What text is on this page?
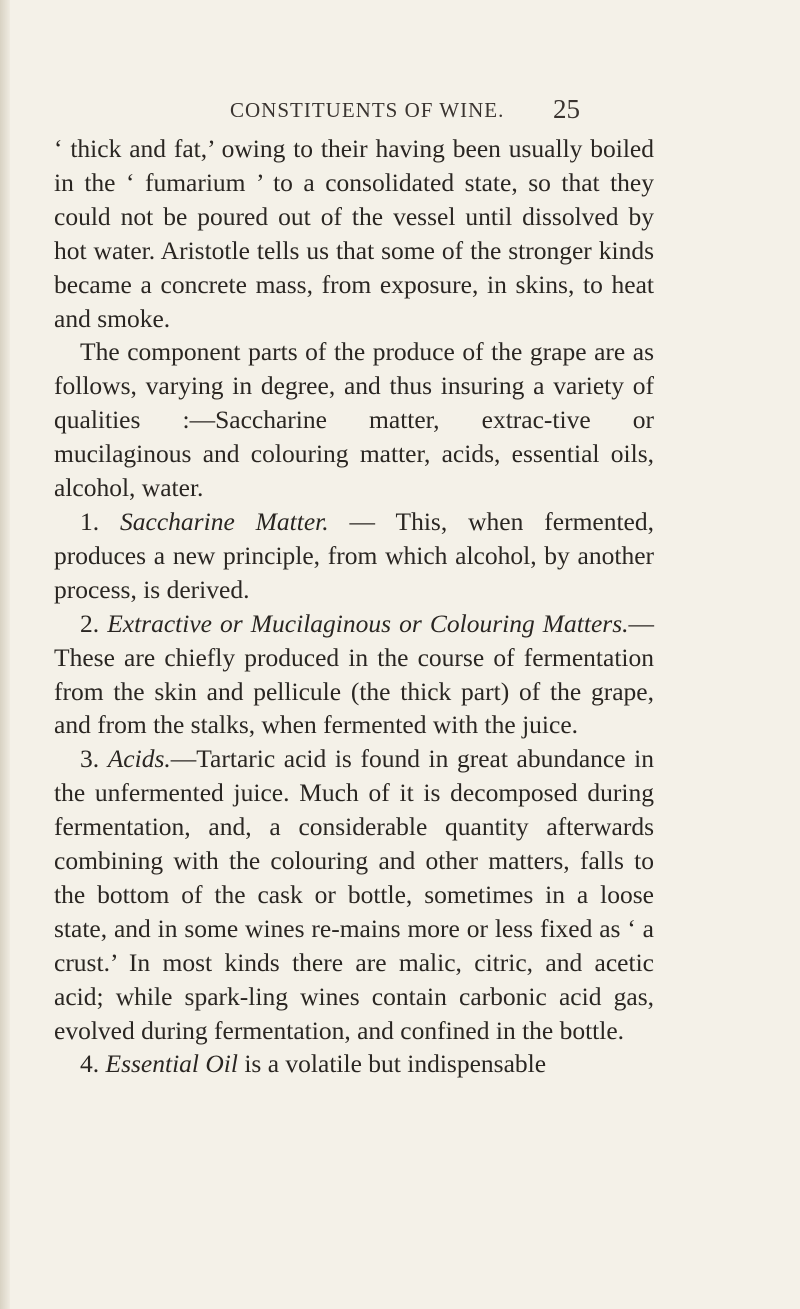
CONSTITUENTS OF WINE. 25

‘ thick and fat,’ owing to their having been usually boiled in the ‘ fumarium ’ to a consolidated state, so that they could not be poured out of the vessel until dissolved by hot water. Aristotle tells us that some of the stronger kinds became a concrete mass, from exposure, in skins, to heat and smoke.

The component parts of the produce of the grape are as follows, varying in degree, and thus insuring a variety of qualities :—Saccharine matter, extrac-tive or mucilaginous and colouring matter, acids, essential oils, alcohol, water.

1. Saccharine Matter. — This, when fermented, produces a new principle, from which alcohol, by another process, is derived.

2. Extractive or Mucilaginous or Colouring Matters.—These are chiefly produced in the course of fermentation from the skin and pellicule (the thick part) of the grape, and from the stalks, when fermented with the juice.

3. Acids.—Tartaric acid is found in great abundance in the unfermented juice. Much of it is decomposed during fermentation, and, a considerable quantity afterwards combining with the colouring and other matters, falls to the bottom of the cask or bottle, sometimes in a loose state, and in some wines re-mains more or less fixed as ‘ a crust.’ In most kinds there are malic, citric, and acetic acid; while spark-ling wines contain carbonic acid gas, evolved during fermentation, and confined in the bottle.

4. Essential Oil is a volatile but indispensable
